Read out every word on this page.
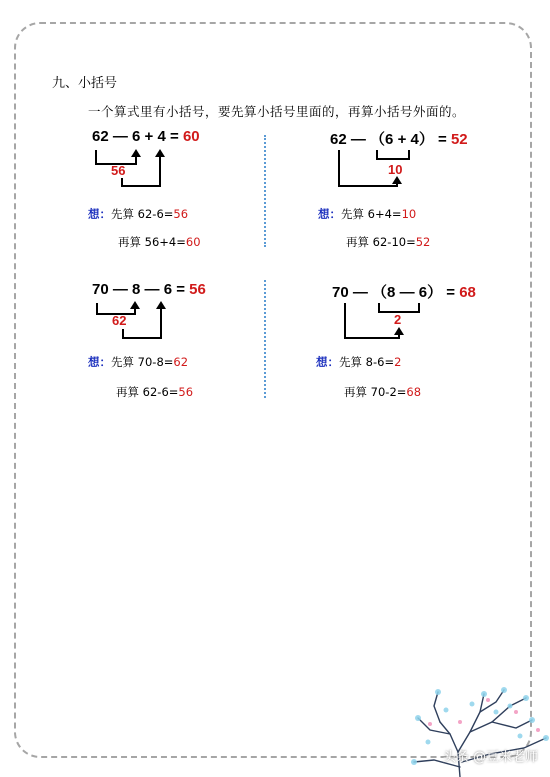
九、小括号
一个算式里有小括号，要先算小括号里面的，再算小括号外面的。
62 — 6 + 4 = 60
56
想：先算 62-6=56
再算 56+4=60
62 — （6 + 4） = 52
10
想：先算 6+4=10
再算 62-10=52
70 — 8 — 6 = 56
62
想：先算 70-8=62
再算 62-6=56
70 — （8 — 6） = 68
2
想：先算 8-6=2
再算 70-2=68
头条 @豆米老师
